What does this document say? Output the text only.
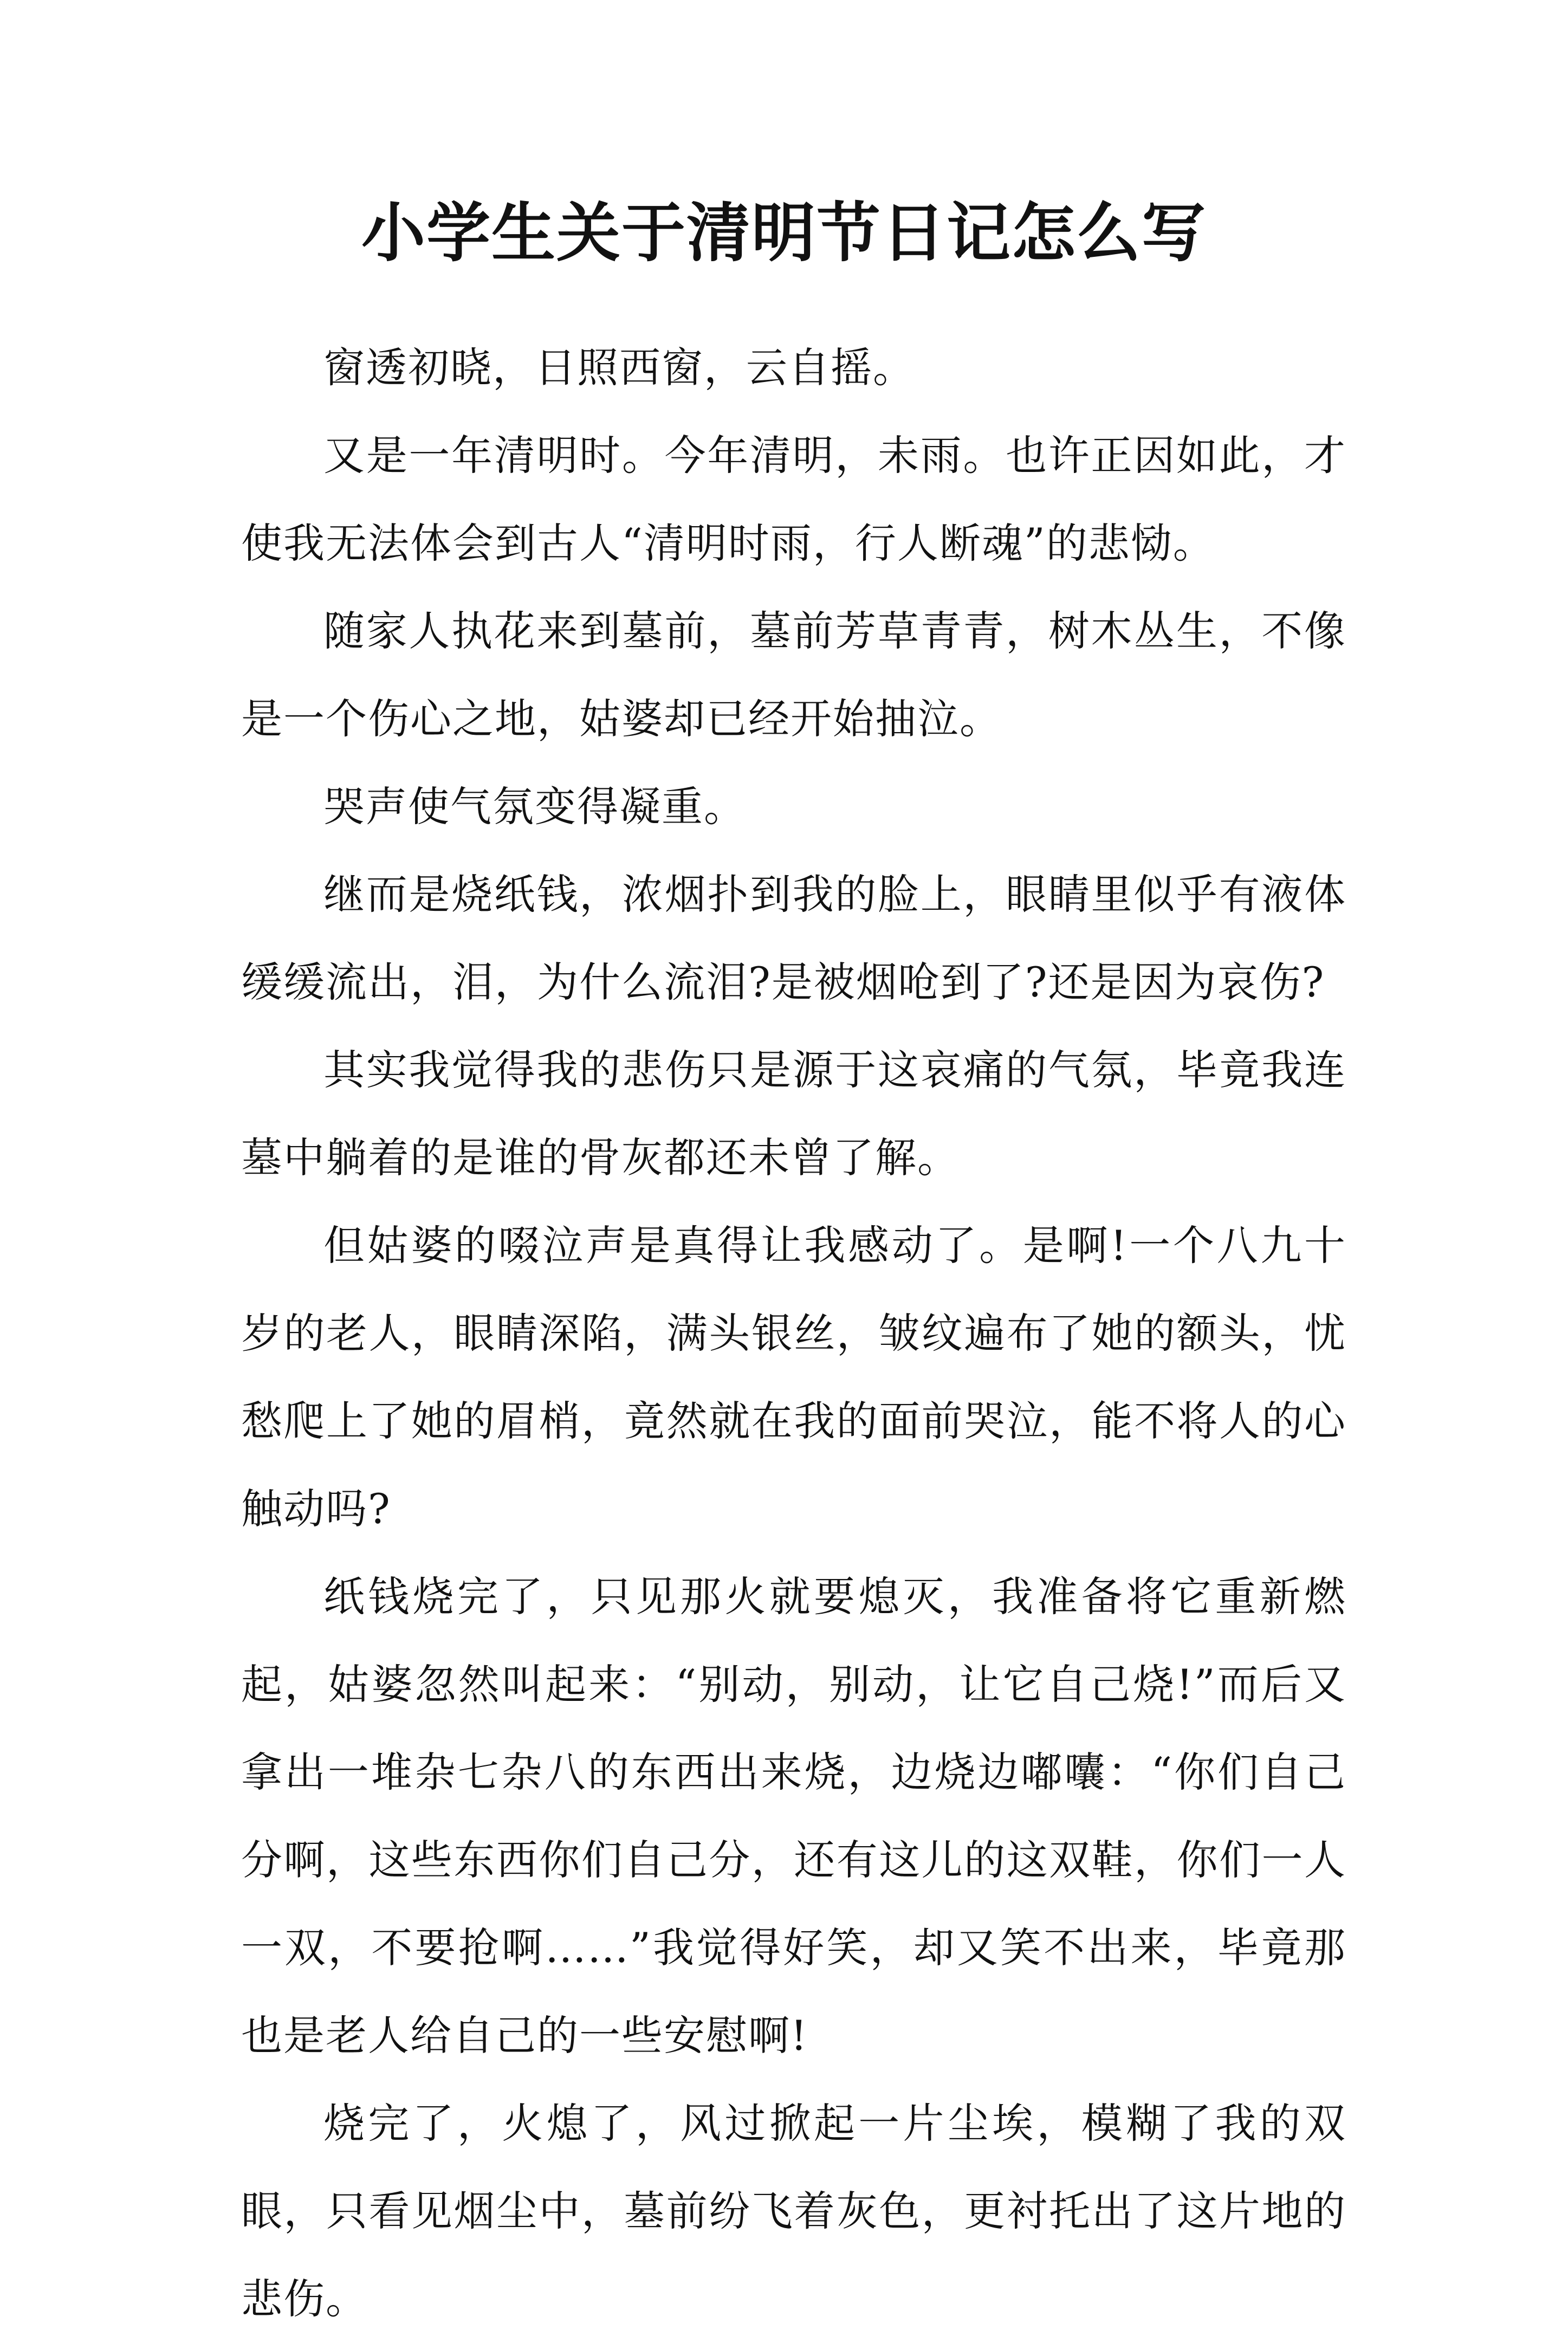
小学生关于清明节日记怎么写

窗透初晓，日照西窗，云自摇。

又是一年清明时。今年清明，未雨。也许正因如此，才使我无法体会到古人“清明时雨，行人断魂”的悲恸。

随家人执花来到墓前，墓前芳草青青，树木丛生，不像是一个伤心之地，姑婆却已经开始抽泣。

哭声使气氛变得凝重。

继而是烧纸钱，浓烟扑到我的脸上，眼睛里似乎有液体缓缓流出，泪，为什么流泪?是被烟呛到了?还是因为哀伤?

其实我觉得我的悲伤只是源于这哀痛的气氛，毕竟我连墓中躺着的是谁的骨灰都还未曾了解。

但姑婆的啜泣声是真得让我感动了。是啊!一个八九十岁的老人，眼睛深陷，满头银丝，皱纹遍布了她的额头，忧愁爬上了她的眉梢，竟然就在我的面前哭泣，能不将人的心触动吗?

纸钱烧完了，只见那火就要熄灭，我准备将它重新燃起，姑婆忽然叫起来：“别动，别动，让它自己烧!”而后又拿出一堆杂七杂八的东西出来烧，边烧边嘟囔：“你们自己分啊，这些东西你们自己分，还有这儿的这双鞋，你们一人一双，不要抢啊……”我觉得好笑，却又笑不出来，毕竟那也是老人给自己的一些安慰啊!

烧完了，火熄了，风过掀起一片尘埃，模糊了我的双眼，只看见烟尘中，墓前纷飞着灰色，更衬托出了这片地的悲伤。
